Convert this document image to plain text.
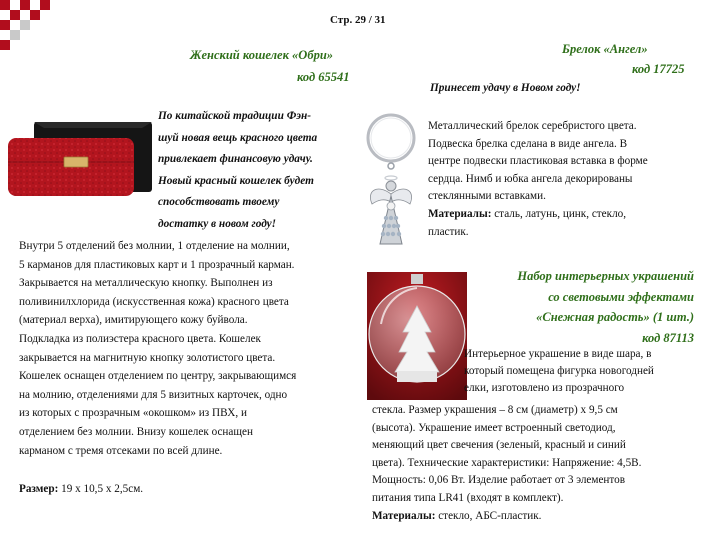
Стр. 29 / 31
Женский кошелек «Обри»
код 65541
По китайской традиции Фэн-
шуй новая вещь красного цвета
привлекает финансовую удачу.
Новый красный кошелек будет
способствовать твоему
достатку в новом году!
Внутри 5 отделений без молнии, 1 отделение на молнии,
5 карманов для пластиковых карт и 1 прозрачный карман.
Закрывается на металлическую кнопку. Выполнен из
поливинилхлорида (искусственная кожа) красного цвета
(материал верха), имитирующего кожу буйвола.
Подкладка из полиэстера красного цвета. Кошелек
закрывается на магнитную кнопку золотистого цвета.
Кошелек оснащен отделением по центру, закрывающимся
на молнию, отделениями для 5 визитных карточек, одно
из которых с прозрачным «окошком» из ПВХ, и
отделением без молнии. Внизу кошелек оснащен
карманом с тремя отсеками по всей длине.
Размер: 19 х 10,5 х 2,5см.
Брелок «Ангел»
код 17725
Принесет удачу в Новом году!
Металлический брелок серебристого цвета.
Подвеска брелка сделана в виде ангела. В
центре подвески пластиковая вставка в форме
сердца. Нимб и юбка ангела декорированы
стеклянными вставками.
Материалы: сталь, латунь, цинк, стекло,
пластик.
Набор интерьерных украшений
со световыми эффектами
«Снежная радость» (1 шт.)
код 87113
Интерьерное украшение в виде шара, в
который помещена фигурка новогодней
елки, изготовлено из прозрачного
стекла. Размер украшения – 8 см (диаметр) х 9,5 см
(высота). Украшение имеет встроенный светодиод,
меняющий цвет свечения (зеленый, красный и синий
цвета). Технические характеристики: Напряжение: 4,5В.
Мощность: 0,06 Вт. Изделие работает от 3 элементов
питания типа LR41 (входят в комплект).
Материалы: стекло, АБС-пластик.
